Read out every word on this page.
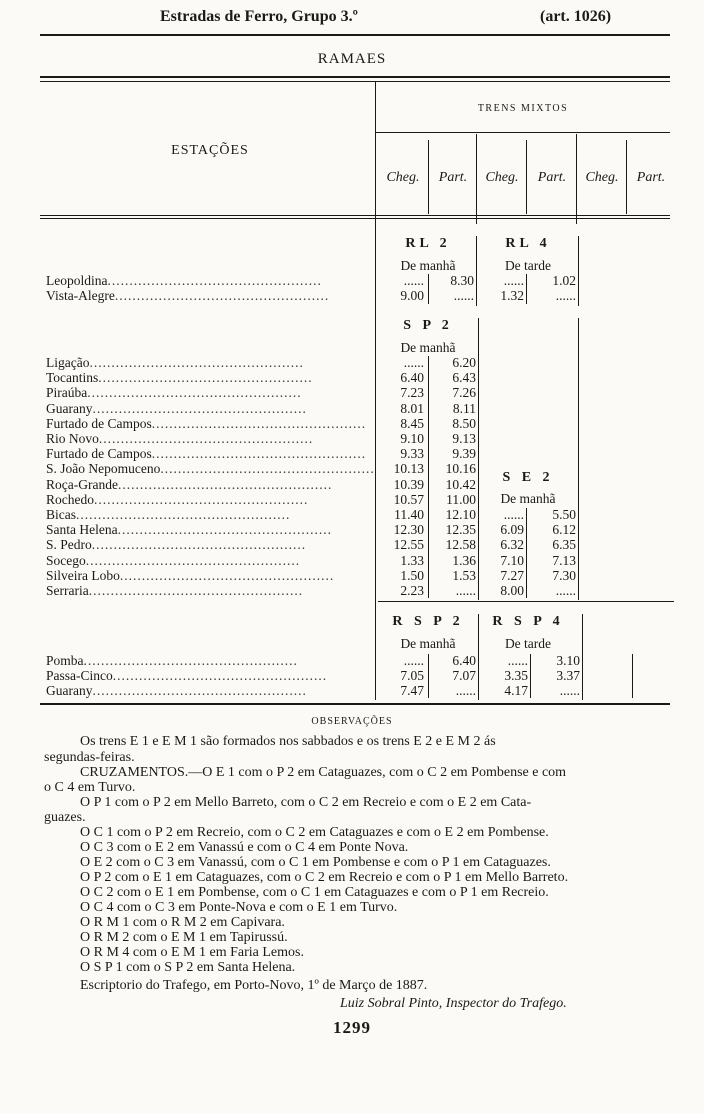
Estradas de Ferro, Grupo 3.º	(art. 1026)
RAMAES
TRENS MIXTOS
ESTAÇÕES
Cheg.	Part.	Cheg.	Part.	Cheg.	Part.
RL 2	RL 4
De manhã	De tarde
Leopoldina.................................................	......	8.30	......	1.02
Vista-Alegre.................................................	9.00	......	1.32	......
S P 2
De manhã
S E 2
De manhã
Ligação.................................................	......	6.20
Tocantins.................................................	6.40	6.43
Piraúba.................................................	7.23	7.26
Guarany.................................................	8.01	8.11
Furtado de Campos.................................................	8.45	8.50
Rio Novo.................................................	9.10	9.13
Furtado de Campos.................................................	9.33	9.39
S. João Nepomuceno.................................................	10.13	10.16
Roça-Grande.................................................	10.39	10.42
Rochedo.................................................	10.57	11.00
Bicas.................................................	11.40	12.10	......	5.50
Santa Helena.................................................	12.30	12.35	6.09	6.12
S. Pedro.................................................	12.55	12.58	6.32	6.35
Socego.................................................	1.33	1.36	7.10	7.13
Silveira Lobo.................................................	1.50	1.53	7.27	7.30
Serraria.................................................	2.23	......	8.00	......
R S P 2	R S P 4
De manhã	De tarde
Pomba.................................................	......	6.40	......	3.10
Passa-Cinco.................................................	7.05	7.07	3.35	3.37
Guarany.................................................	7.47	......	4.17	......
OBSERVAÇÕES
Os trens E 1 e E M 1 são formados nos sabbados e os trens E 2 e E M 2 ás
segundas-feiras.
CRUZAMENTOS.—O E 1 com o P 2 em Cataguazes, com o C 2 em Pombense e com
o C 4 em Turvo.
O P 1 com o P 2 em Mello Barreto, com o C 2 em Recreio e com o E 2 em Cata-
guazes.
O C 1 com o P 2 em Recreio, com o C 2 em Cataguazes e com o E 2 em Pombense.
O C 3 com o E 2 em Vanassú e com o C 4 em Ponte Nova.
O E 2 com o C 3 em Vanassú, com o C 1 em Pombense e com o P 1 em Cataguazes.
O P 2 com o E 1 em Cataguazes, com o C 2 em Recreio e com o P 1 em Mello Barreto.
O C 2 com o E 1 em Pombense, com o C 1 em Cataguazes e com o P 1 em Recreio.
O C 4 com o C 3 em Ponte-Nova e com o E 1 em Turvo.
O R M 1 com o R M 2 em Capivara.
O R M 2 com o E M 1 em Tapirussú.
O R M 4 com o E M 1 em Faria Lemos.
O S P 1 com o S P 2 em Santa Helena.
Escriptorio do Trafego, em Porto-Novo, 1º de Março de 1887.
Luiz Sobral Pinto, Inspector do Trafego.
1299
